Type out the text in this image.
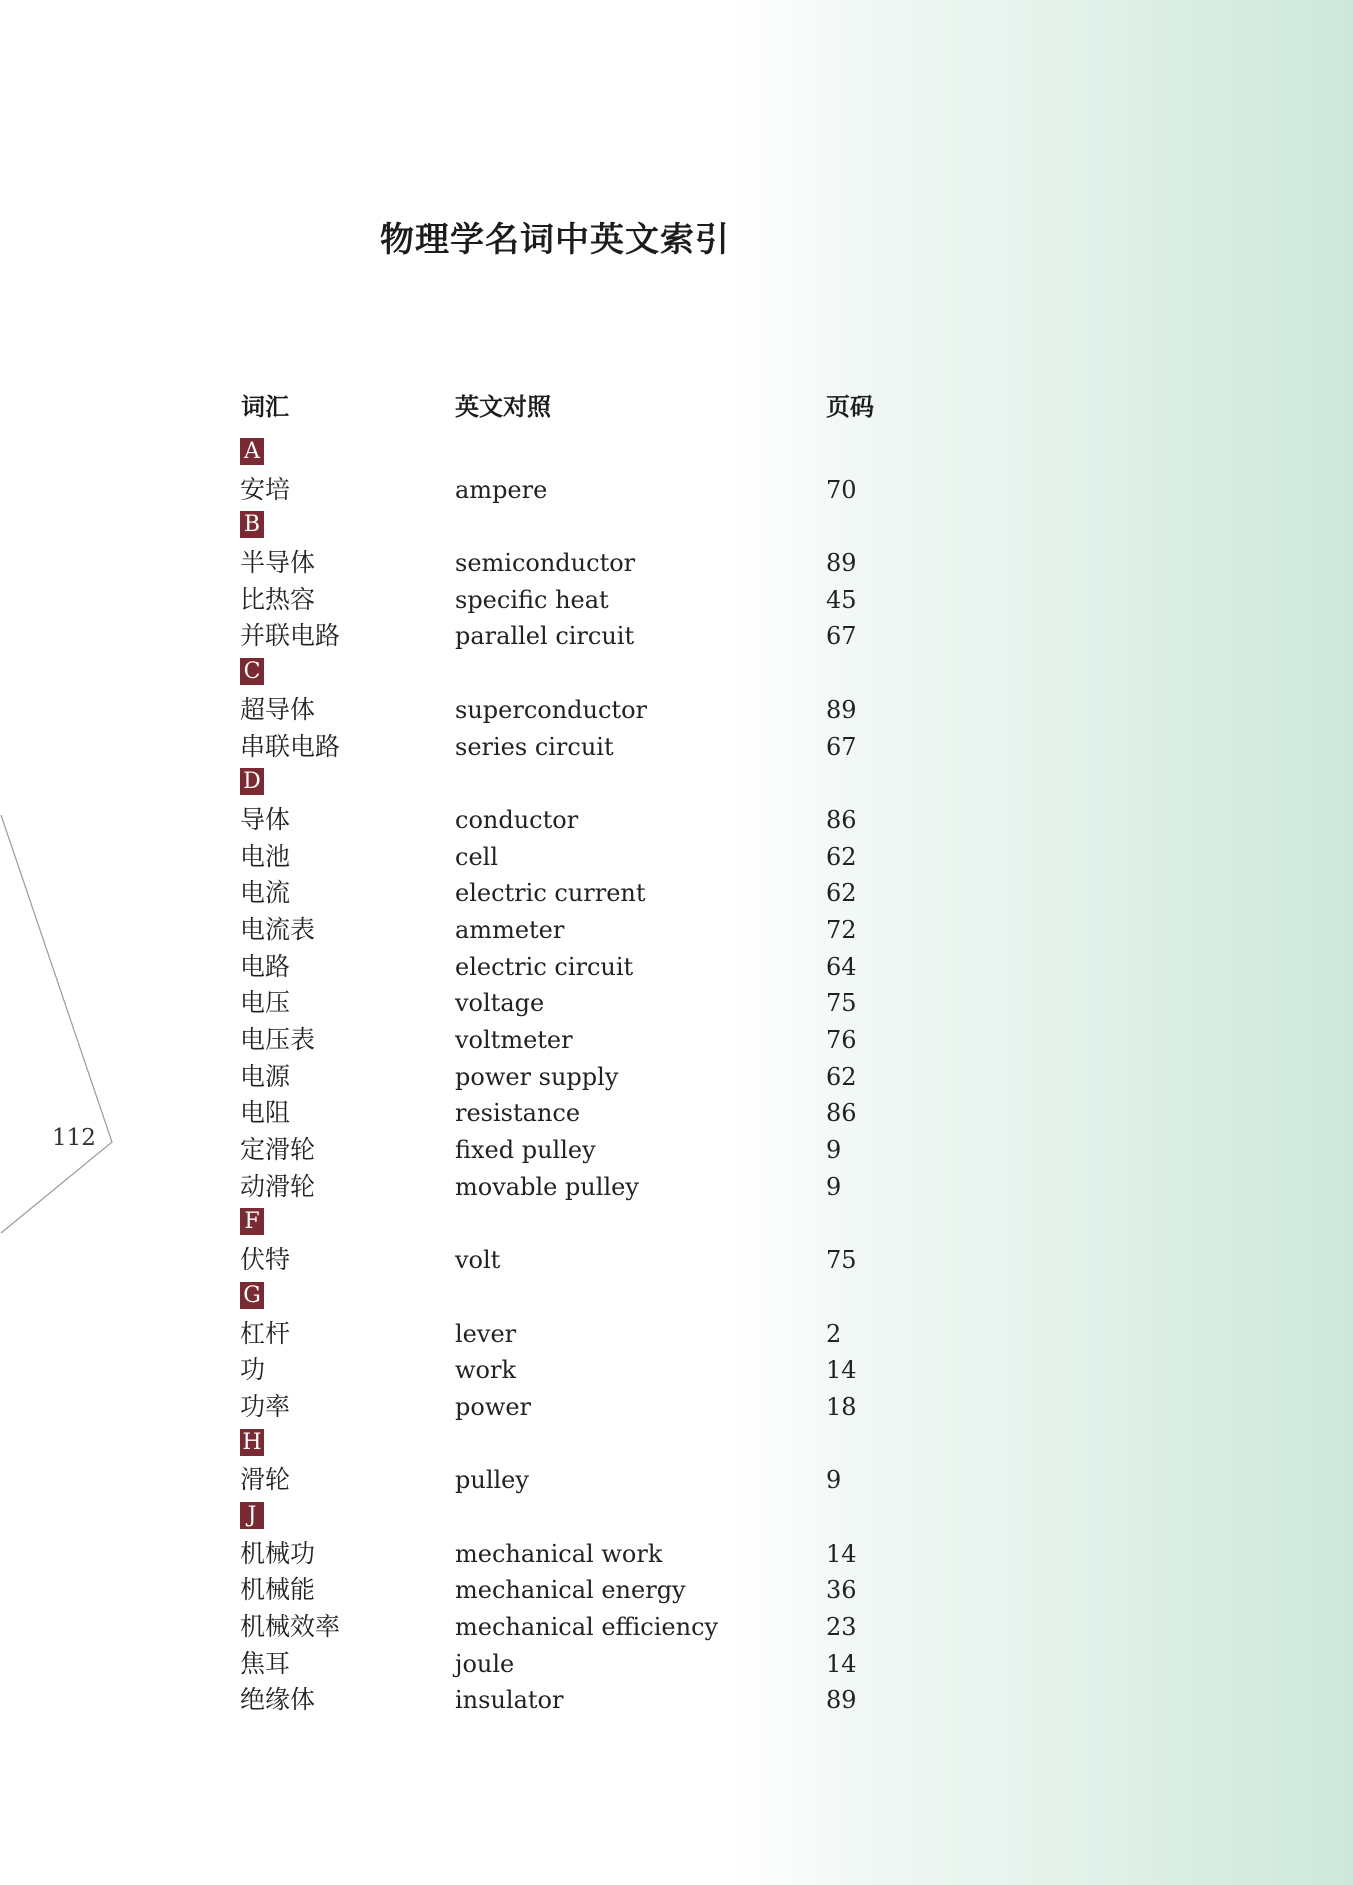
物理学名词中英文索引
112
词汇	英文对照	页码
A
安培	ampere	70
B
半导体	semiconductor	89
比热容	specific heat	45
并联电路	parallel circuit	67
C
超导体	superconductor	89
串联电路	series circuit	67
D
导体	conductor	86
电池	cell	62
电流	electric current	62
电流表	ammeter	72
电路	electric circuit	64
电压	voltage	75
电压表	voltmeter	76
电源	power supply	62
电阻	resistance	86
定滑轮	fixed pulley	9
动滑轮	movable pulley	9
F
伏特	volt	75
G
杠杆	lever	2
功	work	14
功率	power	18
H
滑轮	pulley	9
J
机械功	mechanical work	14
机械能	mechanical energy	36
机械效率	mechanical efficiency	23
焦耳	joule	14
绝缘体	insulator	89
